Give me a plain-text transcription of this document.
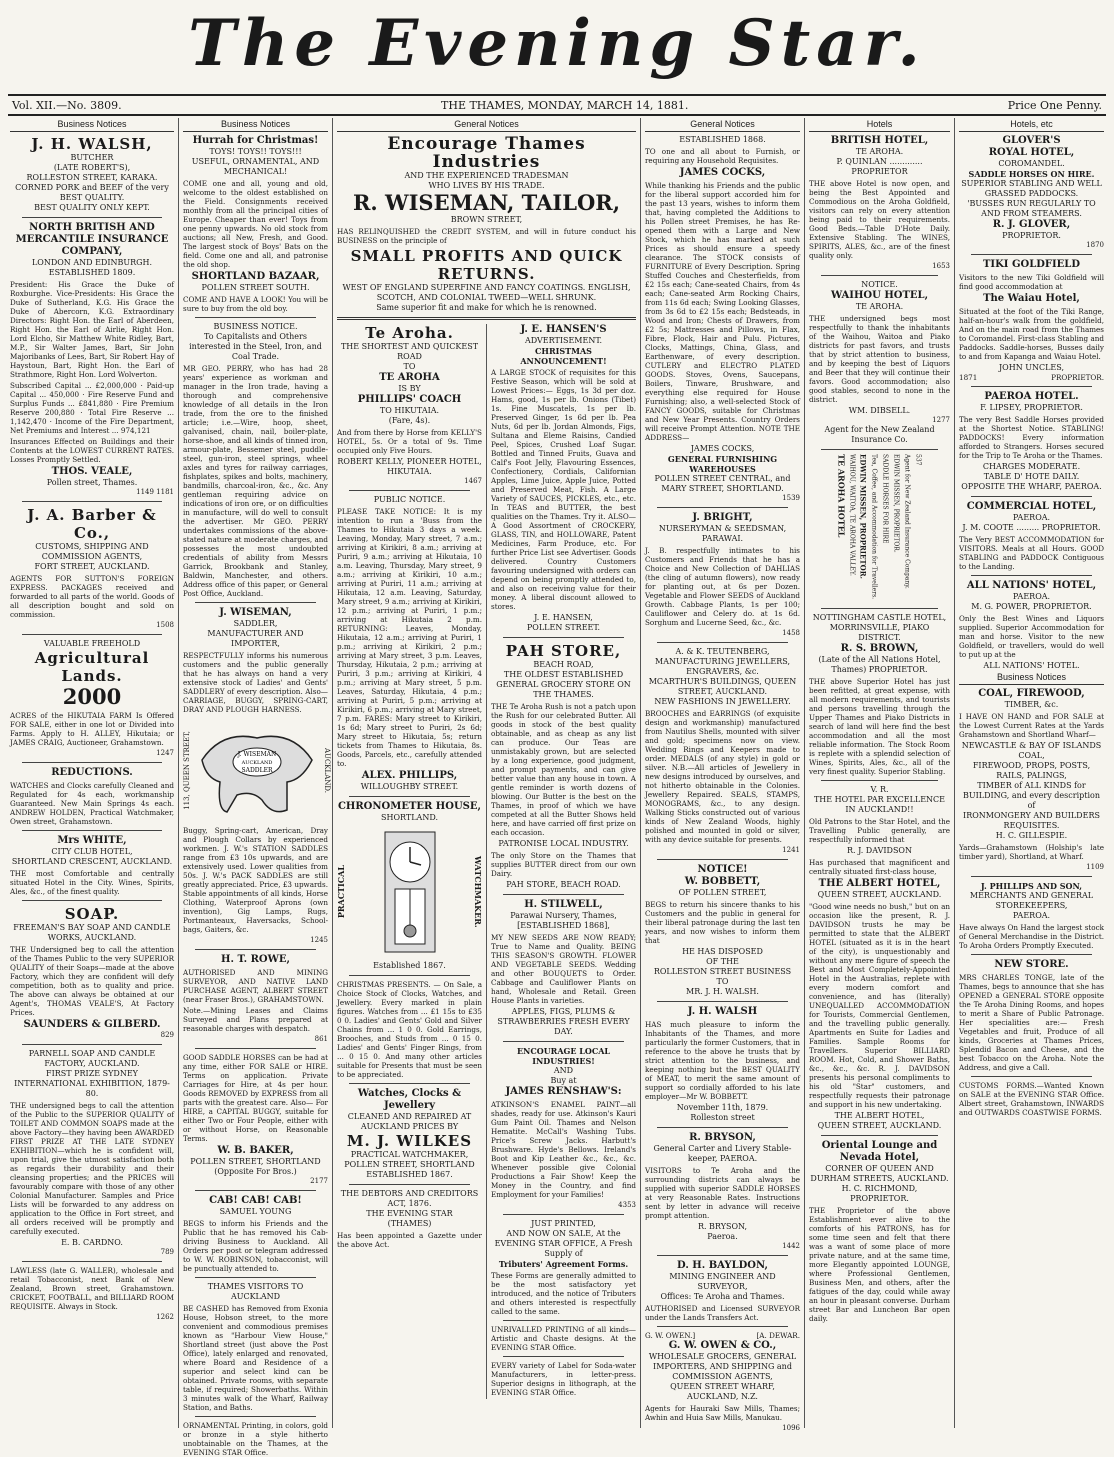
The Evening Star.
Vol. XII.—No. 3809.	THE THAMES, MONDAY, MARCH 14, 1881.	Price One Penny.
Business Notices
J. H. WALSH,
BUTCHER
(LATE ROBERT'S),
ROLLESTON STREET, KARAKA.
CORNED PORK and BEEF of the very BEST QUALITY.
BEST QUALITY ONLY KEPT.
NORTH BRITISH AND MERCANTILE INSURANCE COMPANY,
LONDON AND EDINBURGH.
ESTABLISHED 1809.

President: His Grace the Duke of Roxburghe. Vice-Presidents: His Grace the Duke of Sutherland, K.G. His Grace the Duke of Abercorn, K.G. Extraordinary Directors: Right Hon. the Earl of Aberdeen, Right Hon. the Earl of Airlie, Right Hon. Lord Elcho, Sir Matthew White Ridley, Bart, M.P., Sir Walter James, Bart, Sir John Majoribanks of Lees, Bart, Sir Robert Hay of Haystoun, Bart, Right Hon. the Earl of Strathmore, Right Hon. Lord Wolverton.

Subscribed Capital ... £2,000,000 · Paid-up Capital ... 450,000 · Fire Reserve Fund and Surplus Funds ... £841,880 · Fire Premium Reserve 200,880 · Total Fire Reserve ... 1,142,470 · Income of the Fire Department, Net Premiums and Interest ... 974,121

Insurances Effected on Buildings and their Contents at the LOWEST CURRENT RATES. Losses Promptly Settled.

THOS. VEALE,
Pollen street, Thames.
1149 1181
J. A. Barber & Co.,
CUSTOMS, SHIPPING AND COMMISSION AGENTS,
FORT STREET, AUCKLAND.

AGENTS FOR SUTTON'S FOREIGN EXPRESS. PACKAGES received and forwarded to all parts of the world. Goods of all description bought and sold on commission.

1508
VALUABLE FREEHOLD
Agricultural Lands.
2000

ACRES of the HIKUTAIA FARM Is Offered FOR SALE, either in one lot or Divided into Farms. Apply to H. ALLEY, Hikutaia; or JAMES CRAIG, Auctioneer, Grahamstown.

1247
REDUCTIONS.

WATCHES and Clocks carefully Cleaned and Regulated for 4s each, workmanship Guaranteed. New Main Springs 4s each. ANDREW HOLDEN, Practical Watchmaker, Owen street, Grahamstown.

Mrs WHITE,
CITY CLUB HOTEL,
SHORTLAND CRESCENT, AUCKLAND.

THE most Comfortable and centrally situated Hotel in the City. Wines, Spirits, Ales, &c., of the finest quality.

SOAP.
FREEMAN'S BAY SOAP AND CANDLE WORKS, AUCKLAND.

THE Undersigned beg to call the attention of the Thames Public to the very SUPERIOR QUALITY of their Soaps—made at the above Factory, which they are confident will defy competition, both as to quality and price. The above can always be obtained at our Agent's, THOMAS VEALE'S, At Factory Prices.

SAUNDERS & GILBERD.
829
PARNELL SOAP AND CANDLE FACTORY, AUCKLAND.
FIRST PRIZE SYDNEY INTERNATIONAL EXHIBITION, 1879-80.

THE undersigned begs to call the attention of the Public to the SUPERIOR QUALITY of TOILET AND COMMON SOAPS made at the above Factory—they having been AWARDED FIRST PRIZE AT THE LATE SYDNEY EXHIBITION—which he is confident will, upon trial, give the utmost satisfaction both as regards their durability and their cleansing properties; and the PRICES will favourably compare with those of any other Colonial Manufacturer. Samples and Price Lists will be forwarded to any address on application to the Office in Fort street, and all orders received will be promptly and carefully executed.

E. B. CARDNO.
789

LAWLESS (late G. WALLER), wholesale and retail Tobacconist, next Bank of New Zealand, Brown street, Grahamstown. CRICKET, FOOTBALL, and BILLIARD ROOM REQUISITE. Always in Stock.

1262
Business Notices
Hurrah for Christmas!
TOYS! TOYS!! TOYS!!!
USEFUL, ORNAMENTAL, AND MECHANICAL!

COME one and all, young and old, welcome to the oldest established on the Field. Consignments received monthly from all the principal cities of Europe. Cheaper than ever! Toys from one penny upwards. No old stock from auctions; all New, Fresh, and Good. The largest stock of Boys' Bats on the field. Come one and all, and patronise the old shop.

SHORTLAND BAZAAR,
POLLEN STREET SOUTH.

COME AND HAVE A LOOK! You will be sure to buy from the old boy.

BUSINESS NOTICE.
To Capitalists and Others interested in the Steel, Iron, and Coal Trade.

MR GEO. PERRY, who has had 28 years' experience as workman and manager in the Iron trade, having a thorough and comprehensive knowledge of all details in the Iron trade, from the ore to the finished article; i.e.—Wire, hoop, sheet, galvanised, chain, nail, boiler-plate, horse-shoe, and all kinds of tinned iron, armour-plate, Bessemer steel, puddle-steel, gun-iron, steel springs, wheel axles and tyres for railway carriages, fishplates, spikes and bolts, machinery, bandmills, charcoal-iron, &c., &c. Any gentleman requiring advice on indications of iron ore, or on difficulties in manufacture, will do well to consult the advertiser. Mr GEO. PERRY undertakes commissions of the above-stated nature at moderate charges, and possesses the most undoubted credentials of ability from Messrs Garrick, Brookbank and Stanley, Baldwin, Manchester, and others. Address office of this paper, or General Post Office, Auckland.

J. WISEMAN,
SADDLER,
MANUFACTURER AND IMPORTER,

RESPECTFULLY informs his numerous customers and the public generally that he has always on hand a very extensive stock of Ladies' and Gents' SADDLERY of every description. Also—CARRIAGE, BUGGY, SPRING-CART, DRAY AND PLOUGH HARNESS.

113, QUEEN STREET,	J. WISEMAN
AUCKLAND
SADDLER	AUCKLAND.

Buggy, Spring-cart, American, Dray and Plough Collars by experienced workmen. J. W.'s STATION SADDLES range from £3 10s upwards, and are extensively used. Lower qualities from 50s. J. W.'s PACK SADDLES are still greatly appreciated. Price, £3 upwards. Stable appointments of all kinds, Horse Clothing, Waterproof Aprons (own invention), Gig Lamps, Rugs, Portmanteaux, Haversacks, School-bags, Gaiters, &c.

1245
H. T. ROWE,

AUTHORISED AND MINING SURVEYOR, AND NATIVE LAND PURCHASE AGENT, ALBERT STREET (near Fraser Bros.), GRAHAMSTOWN.

Note.—Mining Leases and Claims Surveyed and Plans prepared at reasonable charges with despatch.

861

GOOD SADDLE HORSES can be had at any time, either FOR SALE or HIRE. Terms on application. Private Carriages for Hire, at 4s per hour. Goods REMOVED by EXPRESS from all parts with the greatest care. Also— For HIRE, a CAPITAL BUGGY, suitable for either Two or Four People, either with or without Horse, on Reasonable Terms.

W. B. BAKER,
POLLEN STREET, SHORTLAND (Opposite For Bros.)
2177
CAB! CAB! CAB!
SAMUEL YOUNG

BEGS to inform his Friends and the Public that he has removed his Cab-driving Business to Auckland. All Orders per post or telegram addressed to W. W. ROBINSON, tobacconist, will be punctually attended to.

THAMES VISITORS TO AUCKLAND

BE CASHED has Removed from Exonia House, Hobson street, to the more convenient and commodious premises known as "Harbour View House," Shortland street (just above the Post Office), lately enlarged and renovated, where Board and Residence of a superior and select kind can be obtained. Private rooms, with separate table, if required; Showerbaths. Within 3 minutes walk of the Wharf, Railway Station, and Baths.

ORNAMENTAL Printing, in colors, gold or bronze in a style hitherto unobtainable on the Thames, at the EVENING STAR Office.

General Notices
Encourage Thames Industries
AND THE EXPERIENCED TRADESMAN
WHO LIVES BY HIS TRADE.
R. WISEMAN, TAILOR,
BROWN STREET,

HAS RELINQUISHED the CREDIT SYSTEM, and will in future conduct his BUSINESS on the principle of

SMALL PROFITS AND QUICK RETURNS.
WEST OF ENGLAND SUPERFINE AND FANCY COATINGS. ENGLISH, SCOTCH, AND COLONIAL TWEED—WELL SHRUNK.
Same superior fit and make for which he is renowned.
Te Aroha.
THE SHORTEST AND QUICKEST ROAD
TO
TE AROHA
IS BY
PHILLIPS' COACH
TO HIKUTAIA.
(Fare, 4s).

And from there by Horse from KELLY'S HOTEL, 5s. Or a total of 9s. Time occupied only Five Hours.

ROBERT KELLY, PIONEER HOTEL, HIKUTAIA.
1467
PUBLIC NOTICE.

PLEASE TAKE NOTICE: It is my intention to run a 'Buss from the Thames to Hikutaia 3 days a week. Leaving, Monday, Mary street, 7 a.m.; arriving at Kirikiri, 8 a.m.; arriving at Puriri, 9 a.m.; arriving at Hikutaia, 10 a.m. Leaving, Thursday, Mary street, 9 a.m.; arriving at Kirikiri, 10 a.m.; arriving at Puriri, 11 a.m.; arriving at Hikutaia, 12 a.m. Leaving, Saturday, Mary street, 9 a.m.; arriving at Kirikiri, 12 p.m.; arriving at Puriri, 1 p.m.; arriving at Hikutaia 2 p.m. RETURNING: Leaves, Monday, Hikutaia, 12 a.m.; arriving at Puriri, 1 p.m.; arriving at Kirikiri, 2 p.m.; arriving at Mary street, 3 p.m. Leaves, Thursday, Hikutaia, 2 p.m.; arriving at Puriri, 3 p.m.; arriving at Kirikiri, 4 p.m.; arriving at Mary street, 5 p.m. Leaves, Saturday, Hikutaia, 4 p.m.; arriving at Puriri, 5 p.m.; arriving at Kirikiri, 6 p.m.; arriving at Mary street, 7 p.m. FARES: Mary street to Kirikiri, 1s 6d; Mary street to Puriri, 2s 6d; Mary street to Hikutaia, 5s; return tickets from Thames to Hikutaia, 8s. Goods, Parcels, etc., carefully attended to.

ALEX. PHILLIPS,
WILLOUGHBY STREET.
CHRONOMETER HOUSE,
SHORTLAND.
PRACTICAL	WATCHMAKER.
Established 1867.

CHRISTMAS PRESENTS. — On Sale, a Choice Stock of Clocks, Watches, and Jewellery. Every marked in plain figures. Watches from ... £1 15s to £35 0 0. Ladies' and Gents' Gold and Silver Chains from ... 1 0 0. Gold Earrings, Brooches, and Studs from ... 0 15 0. Ladies' and Gents' Finger Rings, from ... 0 15 0. And many other articles suitable for Presents that must be seen to be appreciated.

Watches, Clocks & Jewellery
CLEANED AND REPAIRED AT AUCKLAND PRICES BY
M. J. WILKES
PRACTICAL WATCHMAKER,
POLLEN STREET, SHORTLAND
ESTABLISHED 1867.
THE DEBTORS AND CREDITORS ACT, 1876.
THE EVENING STAR
(THAMES)

Has been appointed a Gazette under the above Act.

J. E. HANSEN'S
ADVERTISEMENT.
CHRISTMAS ANNOUNCEMENT!

A LARGE STOCK of requisites for this Festive Season, which will be sold at Lowest Prices:— Eggs, 1s 3d per doz. Hams, good, 1s per lb. Onions (Tibet) 1s. Fine Muscatels, 1s per lb. Preserved Ginger, 1s 6d per lb. Pea Nuts, 6d per lb. Jordan Almonds, Figs, Sultana and Eleme Raisins, Candied Peel, Spices, Crushed Loaf Sugar. Bottled and Tinned Fruits, Guava and Calf's Foot Jelly, Flavouring Essences, Confectionery, Cordials, Californian Apples, Lime Juice, Apple Juice, Potted and Preserved Meat, Fish. A Large Variety of SAUCES, PICKLES, etc., etc. In TEAS and BUTTER, the best qualities on the Thames. Try it. ALSO— A Good Assortment of CROCKERY, GLASS, TIN, and HOLLOWARE, Patent Medicines, Farm Produce, etc. For further Price List see Advertiser. Goods delivered. Country Customers favouring undersigned with orders can depend on being promptly attended to, and also on receiving value for their money. A liberal discount allowed to stores.

J. E. HANSEN,
POLLEN STREET.
PAH STORE,
BEACH ROAD,
THE OLDEST ESTABLISHED GENERAL GROCERY STORE ON THE THAMES.

THE Te Aroha Rush is not a patch upon the Rush for our celebrated Butter. All goods in stock of the best quality obtainable, and as cheap as any list can produce. Our Teas are unmistakably grown, but are selected by a long experience, good judgment, and prompt payments, and can give better value than any house in town. A gentle reminder is worth dozens of blowing. Our Butter is the best on the Thames, in proof of which we have competed at all the Butter Shows held here, and have carried off first prize on each occasion.

PATRONISE LOCAL INDUSTRY.

The only Store on the Thames that supplies BUTTER direct from our own Dairy.

PAH STORE, BEACH ROAD.
H. STILWELL,
Parawai Nursery, Thames,
[ESTABLISHED 1868],

MY NEW SEEDS ARE NOW READY; True to Name and Quality. BEING THIS SEASON'S GROWTH. FLOWER AND VEGETABLE SEEDS. Wedding and other BOUQUETS to Order. Cabbage and Cauliflower Plants on hand, Wholesale and Retail. Green House Plants in varieties.

APPLES, FIGS, PLUMS & STRAWBERRIES FRESH EVERY DAY.
ENCOURAGE LOCAL INDUSTRIES!
AND
Buy at
JAMES RENSHAW'S:

ATKINSON'S ENAMEL PAINT—all shades, ready for use. Atkinson's Kauri Gum Paint Oil. Thames and Nelson Hematite. McCall's Washing Tubs. Price's Screw Jacks. Harbutt's Brushware. Hyde's Bellows. Ireland's Boot and Kip Leather &c., &c., &c. Whenever possible give Colonial Productions a Fair Show! Keep the Money in the Country, and find Employment for your Families!

4353
JUST PRINTED,
AND NOW ON SALE, At the EVENING STAR OFFICE, A Fresh Supply of
Tributers' Agreement Forms.

These Forms are generally admitted to be the most satisfactory yet introduced, and the notice of Tributers and others interested is respectfully called to the same.

UNRIVALLED PRINTING of all kinds—Artistic and Chaste designs. At the EVENING STAR Office.

EVERY variety of Label for Soda-water Manufacturers, in letter-press. Superior designs in lithograph, at the EVENING STAR Office.

General Notices
ESTABLISHED 1868.

TO one and all about to Furnish, or requiring any Household Requisites.

JAMES COCKS,

While thanking his Friends and the public for the liberal support accorded him for the past 13 years, wishes to inform them that, having completed the Additions to his Pollen street Premises, he has Re-opened them with a Large and New Stock, which he has marked at such Prices as should ensure a speedy clearance. The STOCK consists of FURNITURE of Every Description. Spring Stuffed Couches and Chesterfields, from £2 15s each; Cane-seated Chairs, from 4s each; Cane-seated Arm Rocking Chairs, from 11s 6d each; Swing Looking Glasses, from 3s 6d to £2 15s each; Bedsteads, in Wood and Iron; Chests of Drawers, from £2 5s; Mattresses and Pillows, in Flax, Fibre, Flock, Hair and Pulu. Pictures, Clocks, Mattings, China, Glass, and Earthenware, of every description. CUTLERY and ELECTRO PLATED GOODS. Stoves, Ovens, Saucepans, Boilers, Tinware, Brushware, and everything else required for House Furnishing; also, a well-selected Stock of FANCY GOODS, suitable for Christmas and New Year Presents. Country Orders will receive Prompt Attention. NOTE THE ADDRESS—

JAMES COCKS,
GENERAL FURNISHING WAREHOUSES
POLLEN STREET CENTRAL, and MARY STREET, SHORTLAND.
1539
J. BRIGHT,
NURSERYMAN & SEEDSMAN,
PARAWAI.

J. B. respectfully intimates to his Customers and Friends that he has a Choice and New Collection of DAHLIAS (the cling of autumn flowers), now ready for planting out, at 6s per Dozen. Vegetable and Flower SEEDS of Auckland Growth. Cabbage Plants, 1s per 100; Cauliflower and Celery do. at 1s 6d. Sorghum and Lucerne Seed, &c., &c.

1458
A. & K. TEUTENBERG,
MANUFACTURING JEWELLERS, ENGRAVERS, &c.
MCARTHUR'S BUILDINGS, QUEEN STREET, AUCKLAND.
NEW FASHIONS IN JEWELLERY.

BROOCHES and EARRINGS (of exquisite design and workmanship) manufactured from Nautilus Shells, mounted with silver and gold; specimens now on view. Wedding Rings and Keepers made to order. MEDALS (of any style) in gold or silver. N.B.—All articles of Jewellery in new designs introduced by ourselves, and not hitherto obtainable in the Colonies. Jewellery Repaired. SEALS, STAMPS, MONOGRAMS, &c., to any design. Walking Sticks constructed out of various kinds of New Zealand Woods, highly polished and mounted in gold or silver, with any device suitable for presents.

1241
NOTICE!
W. BOBBETT,
OF POLLEN STREET,

BEGS to return his sincere thanks to his Customers and the public in general for their liberal patronage during the last ten years, and now wishes to inform them that

HE HAS DISPOSED
OF THE
ROLLESTON STREET BUSINESS
TO
MR. J. H. WALSH.
J. H. WALSH

HAS much pleasure to inform the Inhabitants of the Thames, and more particularly the former Customers, that in reference to the above he trusts that by strict attention to the business, and keeping nothing but the BEST QUALITY of MEAT, to merit the same amount of support so cordially afforded to his late employer—Mr W. BOBBETT.

November 11th, 1879.
Rolleston street
R. BRYSON,
General Carter and Livery Stable-keeper, PAEROA.

VISITORS to Te Aroha and the surrounding districts can always be supplied with superior SADDLE HORSES at very Reasonable Rates. Instructions sent by letter in advance will receive prompt attention.

R. BRYSON,
Paeroa.
1442
D. H. BAYLDON,
MINING ENGINEER AND SURVEYOR,
Offices: Te Aroha and Thames.

AUTHORISED and Licensed SURVEYOR under the Lands Transfers Act.

G. W. OWEN.]	[A. DEWAR.
G. W. OWEN & CO.,
WHOLESALE GROCERS, GENERAL IMPORTERS, AND SHIPPING and COMMISSION AGENTS,
QUEEN STREET WHARF, AUCKLAND, N.Z.

Agents for Hauraki Saw Mills, Thames; Awhin and Huia Saw Mills, Manukau.

1096
Hotels
BRITISH HOTEL,
TE AROHA.
P. QUINLAN ............. PROPRIETOR

THE above Hotel is now open, and being the Best Appointed and Commodious on the Aroha Goldfield, visitors can rely on every attention being paid to their requirements. Good Beds.—Table D'Hote Daily. Extensive Stabling. The WINES, SPIRITS, ALES, &c., are of the finest quality only.

1653
NOTICE.
WAIHOU HOTEL,
TE AROHA.

THE undersigned begs most respectfully to thank the inhabitants of the Waihou, Waitoa and Piako districts for past favors, and trusts that by strict attention to business, and by keeping the best of Liquors and Beer that they will continue their favors. Good accommodation; also good stables, second to none in the district.

WM. DIBSELL.
1277
Agent for the New Zealand Insurance Co.
TE AROHA HOTEL WAIHOU, WAITOA, TE AROHA VALLEY. EDWIN MISSEN, PROPRIETOR. Tea, Coffee, and Accommodation for Travellers. SADDLE HORSES FOR HIRE EDWIN MISSEN, PROPRIETOR. Agent for New Zealand Insurance Company. 537
NOTTINGHAM CASTLE HOTEL,
MORRINSVILLE, PIAKO DISTRICT.
R. S. BROWN,
(Late of the All Nations Hotel, Thames) PROPRIETOR.

THE above Superior Hotel has just been refitted, at great expense, with all modern requirements, and tourists and persons travelling through the Upper Thames and Piako Districts in search of land will here find the best accommodation and all the most reliable information. The Stock Room is replete with a splendid selection of Wines, Spirits, Ales, &c., all of the very finest quality. Superior Stabling.

V. R.
THE HOTEL PAR EXCELLENCE IN AUCKLAND!!

Old Patrons to the Star Hotel, and the Travelling Public generally, are respectfully informed that

R. J. DAVIDSON

Has purchased that magnificent and centrally situated first-class house,

THE ALBERT HOTEL,
QUEEN STREET, AUCKLAND.

"Good wine needs no bush," but on an occasion like the present, R. J. DAVIDSON trusts he may be permitted to state that the ALBERT HOTEL (situated as it is in the heart of the city), is unquestionably and without any mere figure of speech the Best and Most Completely-Appointed Hotel in the Australias, replete with every modern comfort and convenience, and has (literally) UNEQUALLED ACCOMMODATION for Tourists, Commercial Gentlemen, and the travelling public generally. Apartments en Suite for Ladies and Families. Sample Rooms for Travellers. Superior BILLIARD ROOM. Hot, Cold, and Shower Baths, &c., &c., &c. R. J. DAVIDSON presents his personal compliments to his old "Star" customers, and respectfully requests their patronage and support in his new undertaking.

THE ALBERT HOTEL,
QUEEN STREET, AUCKLAND.
Oriental Lounge and Nevada Hotel,
CORNER OF QUEEN AND DURHAM STREETS, AUCKLAND.
H. C. RICHMOND,
PROPRIETOR.

THE Proprietor of the above Establishment ever alive to the comforts of his PATRONS, has for some time seen and felt that there was a want of some place of more private nature, and at the same time, more Elegantly appointed LOUNGE, where Professional Gentlemen, Business Men, and others, after the fatigues of the day, could while away an hour in pleasant converse. Durham street Bar and Luncheon Bar open daily.

Hotels, etc
GLOVER'S
ROYAL HOTEL,
COROMANDEL.
SADDLE HORSES ON HIRE.
SUPERIOR STABLING AND WELL GRASSED PADDOCKS.
'BUSSES RUN REGULARLY TO AND FROM STEAMERS.
R. J. GLOVER,
PROPRIETOR.
1870
TIKI GOLDFIELD

Visitors to the new Tiki Goldfield will find good accommodation at

The Waiau Hotel,

Situated at the foot of the Tiki Range, half-an-hour's walk from the goldfield, And on the main road from the Thames to Coromandel. First-class Stabling and Paddocks. Saddle-horses, Busses daily to and from Kapanga and Waiau Hotel.

JOHN UNCLES,
1871	PROPRIETOR.
PAEROA HOTEL.
F. LIPSEY, PROPRIETOR.

The very Best Saddle Horses provided at the Shortest Notice. STABLING! PADDOCKS! Every information afforded to Strangers. Horses secured for the Trip to Te Aroha or the Thames.

CHARGES MODERATE.
TABLE D' HOTE DAILY.
OPPOSITE THE WHARF, PAEROA.
COMMERCIAL HOTEL,
PAEROA.
J. M. COOTE ......... PROPRIETOR.

The Very BEST ACCOMMODATION for VISITORS. Meals at all Hours. GOOD STABLING and PADDOCK Contiguous to the Landing.

ALL NATIONS' HOTEL,
PAEROA.
M. G. POWER, PROPRIETOR.

Only the Best Wines and Liquors supplied. Superior Accommodation for man and horse. Visitor to the new Goldfield, or travellers, would do well to put up at the

ALL NATIONS' HOTEL.
Business Notices
COAL, FIREWOOD,
TIMBER, &c.

I HAVE ON HAND and FOR SALE at the Lowest Current Rates at the Yards Grahamstown and Shortland Wharf—

NEWCASTLE & BAY OF ISLANDS COAL,
FIREWOOD, PROPS, POSTS, RAILS, PALINGS,
TIMBER of ALL KINDS for BUILDING, and every description of
IRONMONGERY AND BUILDERS REQUISITES.
H. C. GILLESPIE.

Yards—Grahamstown (Holship's late timber yard), Shortland, at Wharf.

1109
J. PHILLIPS AND SON,
MERCHANTS AND GENERAL STOREKEEPERS,
PAEROA.

Have always On Hand the largest stock of General Merchandise in the District. To Aroha Orders Promptly Executed.

NEW STORE.

MRS CHARLES TONGE, late of the Thames, begs to announce that she has OPENED a GENERAL STORE opposite the Te Aroha Dining Rooms, and hopes to merit a Share of Public Patronage. Her specialities are:— Fresh Vegetables and fruit, Produce of all kinds, Groceries at Thames Prices, Splendid Bacon and Cheese, and the best Tobacco on the Aroha. Note the Address, and give a Call.

CUSTOMS FORMS.—Wanted Known on SALE at the EVENING STAR Office. Albert street, Grahamstown, INWARDS and OUTWARDS COASTWISE FORMS.
